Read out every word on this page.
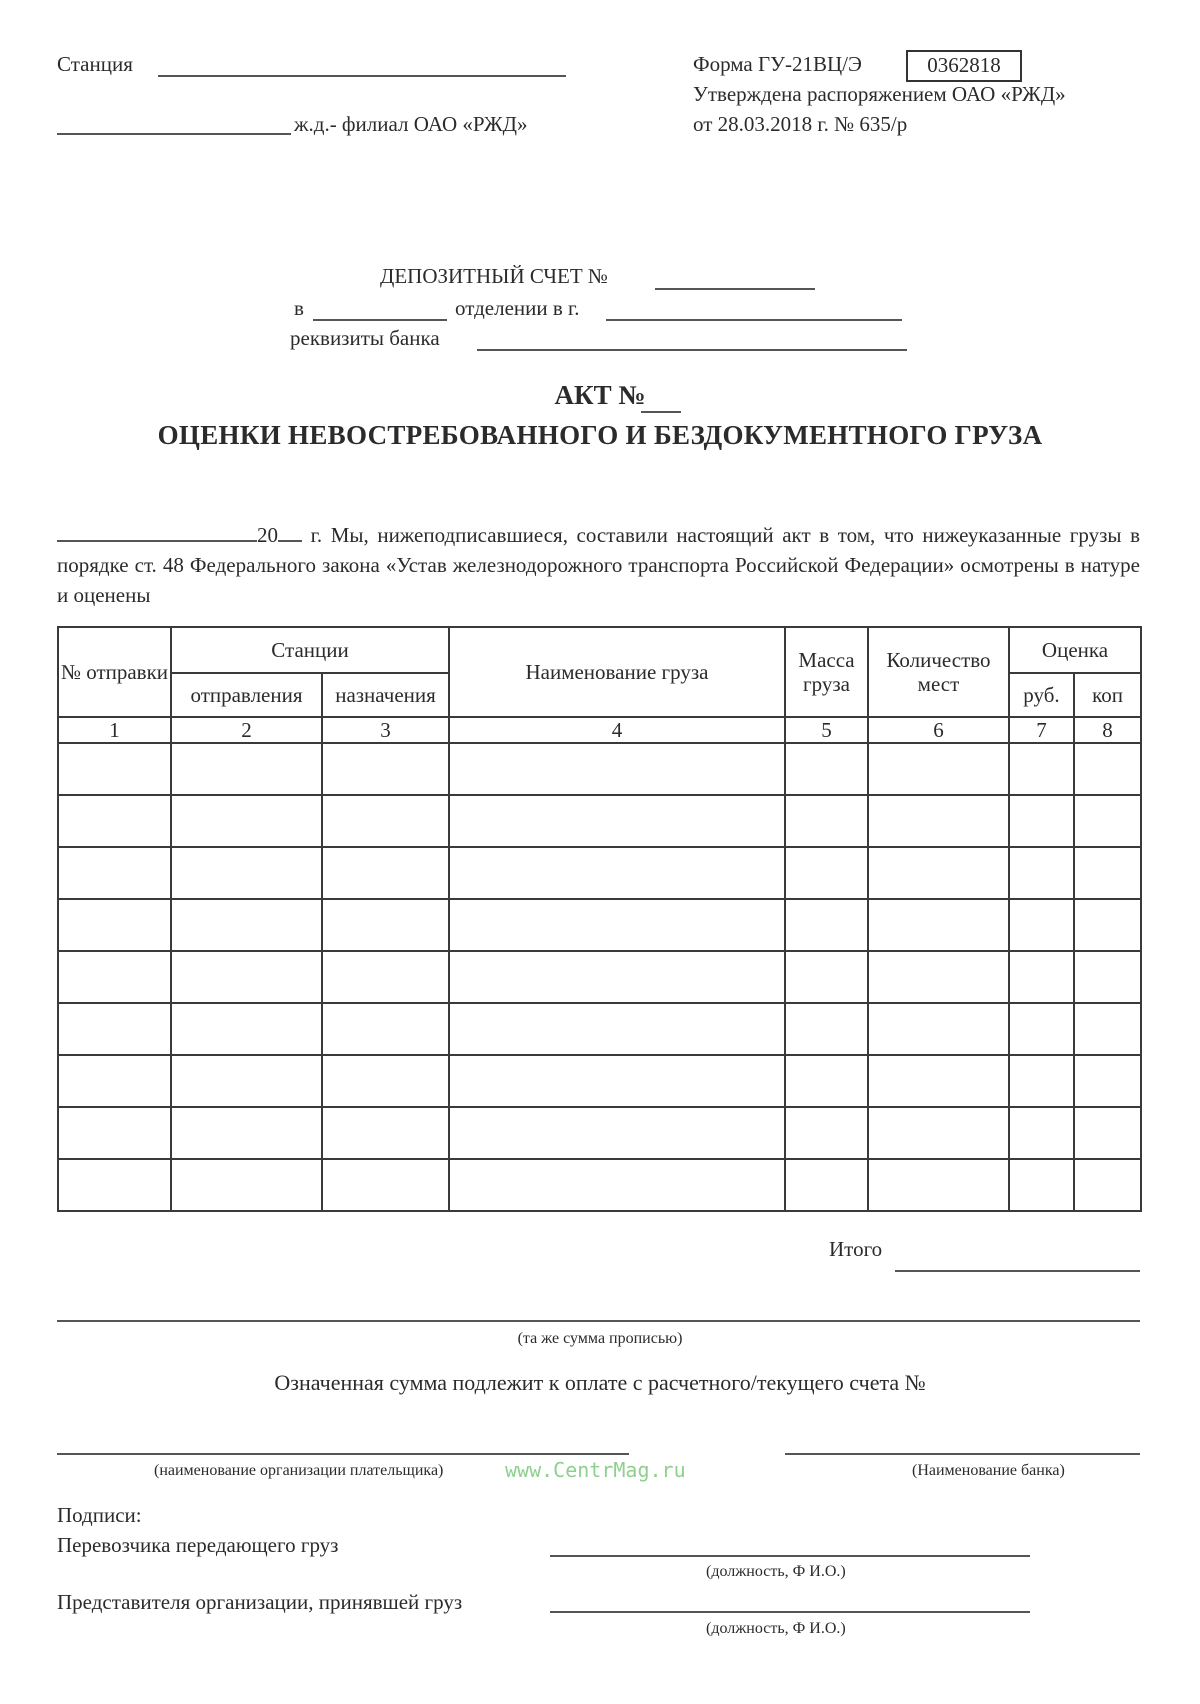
Станция
ж.д.- филиал ОАО «РЖД»
Форма ГУ-21ВЦ/Э	0362818
Утверждена распоряжением ОАО «РЖД»
от 28.03.2018 г. № 635/р
ДЕПОЗИТНЫЙ СЧЕТ №
в	отделении в г.
реквизиты банка
АКТ №
ОЦЕНКИ НЕВОСТРЕБОВАННОГО И БЕЗДОКУМЕНТНОГО ГРУЗА
20 г. Мы, нижеподписавшиеся, составили настоящий акт в том, что нижеуказанные грузы в порядке ст. 48 Федерального закона «Устав железнодорожного транспорта Российской Федерации» осмотрены в натуре и оценены
№ отправки	Станции		Наименование груза	Масса груза	Количество мест	Оценка	
	отправления	назначения				руб.	коп
1	2	3	4	5	6	7	8

Итого
(та же сумма прописью)
Означенная сумма подлежит к оплате с расчетного/текущего счета №
(наименование организации плательщика)	www.CentrMag.ru	(Наименование банка)
Подписи:
Перевозчика передающего груз
(должность, Ф И.О.)
Представителя организации, принявшей груз
(должность, Ф И.О.)
